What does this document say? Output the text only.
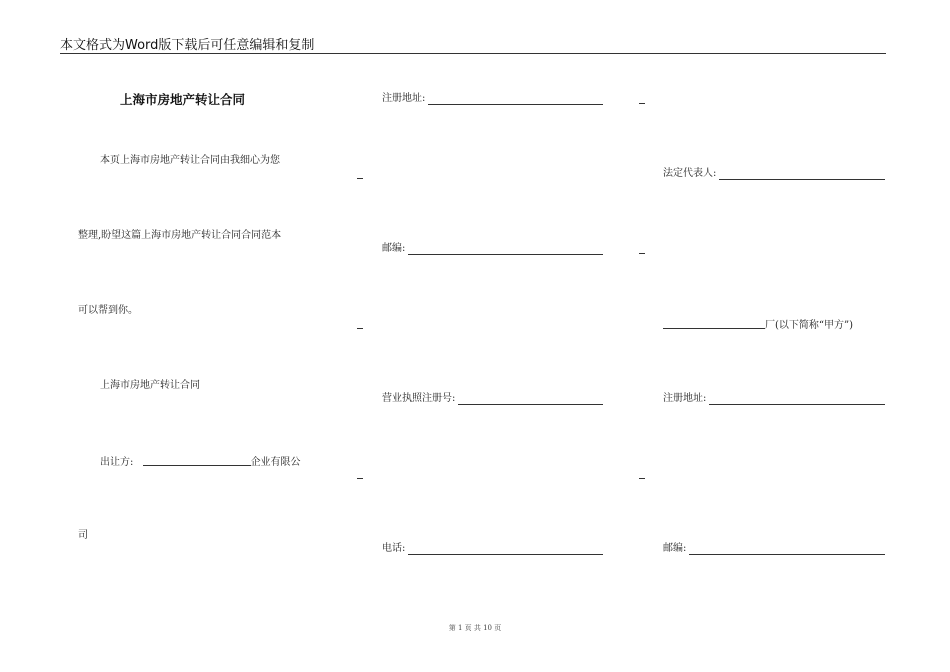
本文格式为Word版下载后可任意编辑和复制
上海市房地产转让合同
本页上海市房地产转让合同由我细心为您
整理,盼望这篇上海市房地产转让合同合同范本
可以帮到你。
上海市房地产转让合同
出让方:	企业有限公
司
注册地址:
邮编:
营业执照注册号:
电话:
法定代表人:
厂(以下简称“甲方”)
注册地址:
邮编:
第 1 页 共 10 页
